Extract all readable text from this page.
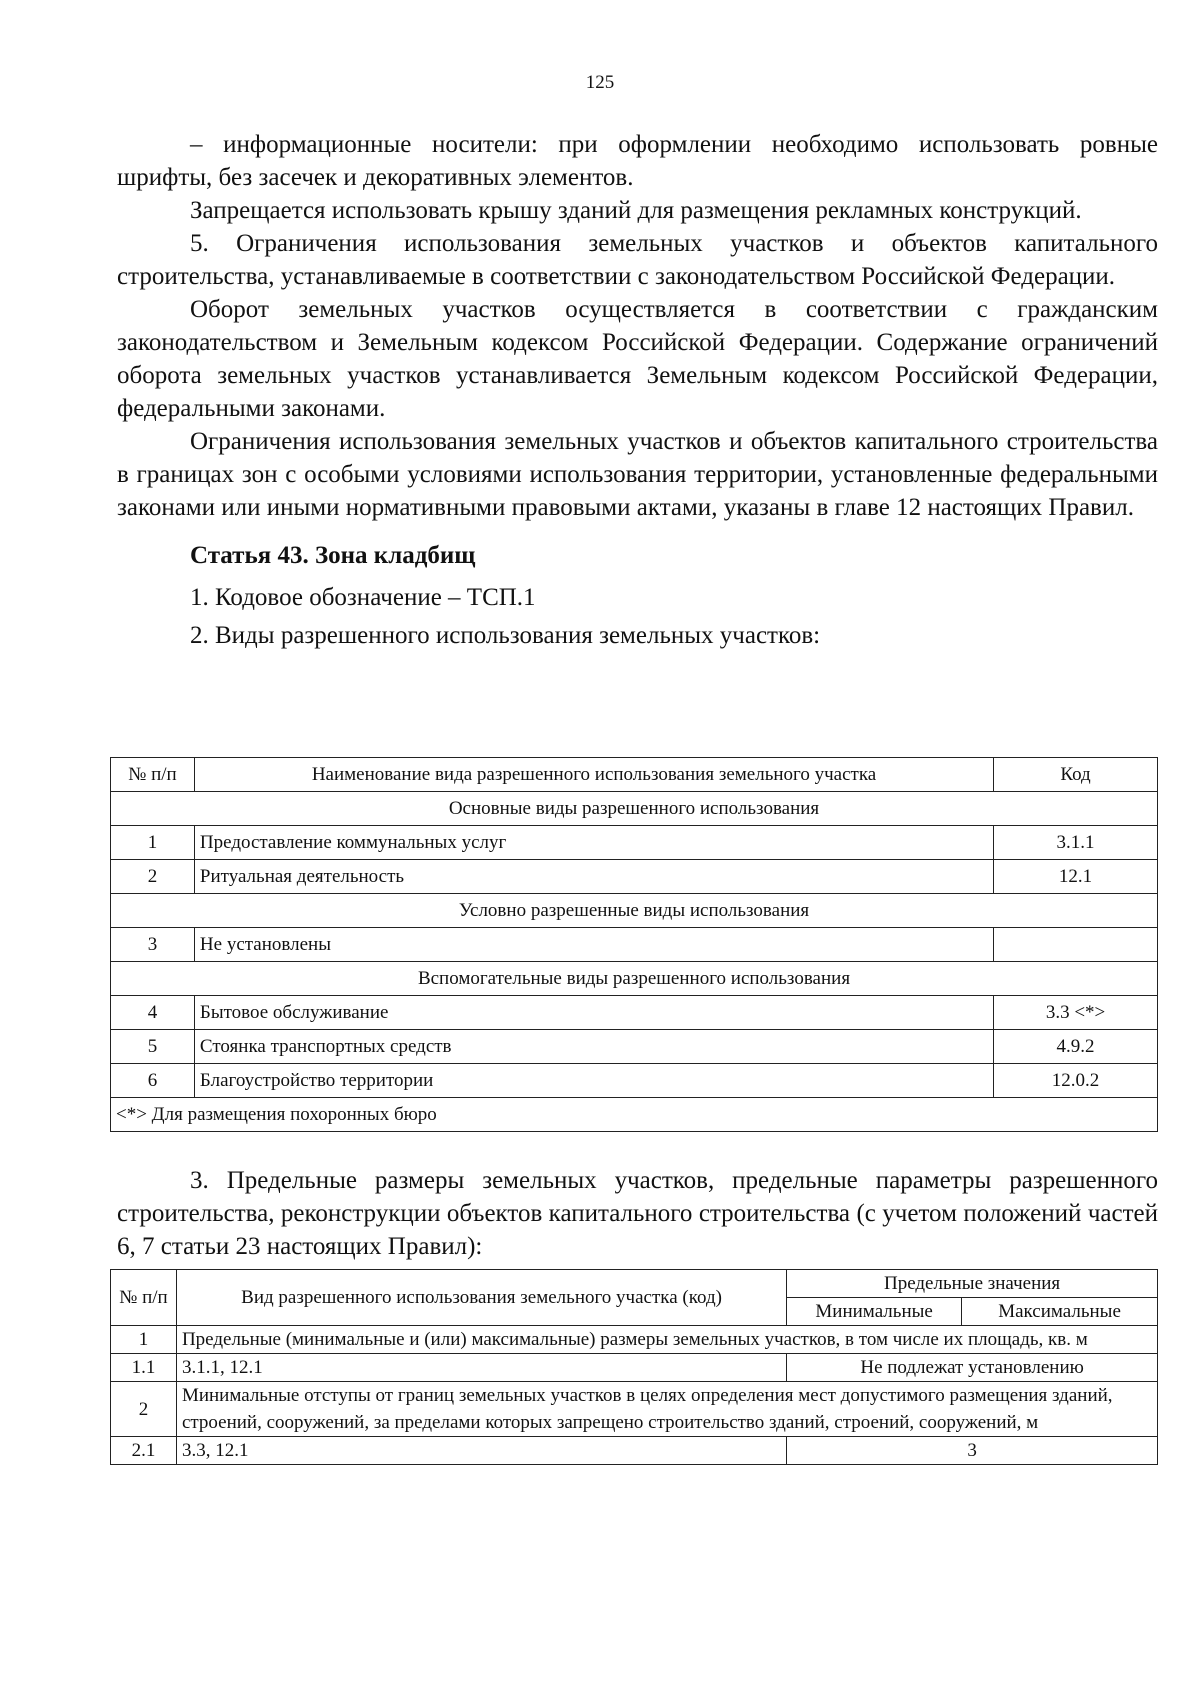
125

– информационные носители: при оформлении необходимо использовать ровные шрифты, без засечек и декоративных элементов.

Запрещается использовать крышу зданий для размещения рекламных конструкций.

5. Ограничения использования земельных участков и объектов капитального строительства, устанавливаемые в соответствии с законодательством Российской Федерации.

Оборот земельных участков осуществляется в соответствии с гражданским законодательством и Земельным кодексом Российской Федерации. Содержание ограничений оборота земельных участков устанавливается Земельным кодексом Российской Федерации, федеральными законами.

Ограничения использования земельных участков и объектов капитального строительства в границах зон с особыми условиями использования территории, установленные федеральными законами или иными нормативными правовыми актами, указаны в главе 12 настоящих Правил.

Статья 43. Зона кладбищ
1. Кодовое обозначение – ТСП.1
2. Виды разрешенного использования земельных участков:
№ п/п	Наименование вида разрешенного использования земельного участка	Код
Основные виды разрешенного использования		
1	Предоставление коммунальных услуг	3.1.1
2	Ритуальная деятельность	12.1
Условно разрешенные виды использования		
3	Не установлены	
Вспомогательные виды разрешенного использования		
4	Бытовое обслуживание	3.3 <*>
5	Стоянка транспортных средств	4.9.2
6	Благоустройство территории	12.0.2
<*> Для размещения похоронных бюро		

3. Предельные размеры земельных участков, предельные параметры разрешенного строительства, реконструкции объектов капитального строительства (с учетом положений частей 6, 7 статьи 23 настоящих Правил):

№ п/п	Вид разрешенного использования земельного участка (код)	Предельные значения	
		Минимальные	Максимальные
1	Предельные (минимальные и (или) максимальные) размеры земельных участков, в том числе их площадь, кв. м		
1.1	3.1.1, 12.1	Не подлежат установлению	
2	Минимальные отступы от границ земельных участков в целях определения мест допустимого размещения зданий, строений, сооружений, за пределами которых запрещено строительство зданий, строений, сооружений, м		
2.1	3.3, 12.1	3	
